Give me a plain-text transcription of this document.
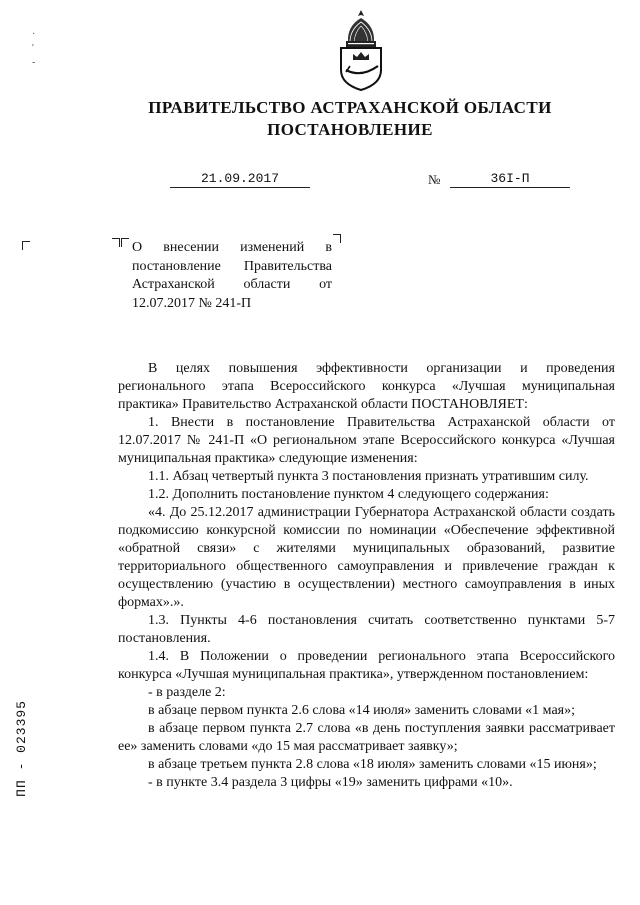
·
'
-
ПРАВИТЕЛЬСТВО АСТРАХАНСКОЙ ОБЛАСТИ
ПОСТАНОВЛЕНИЕ
21.09.2017	№	36I-П
О внесении изменений в постановление Правительства Астраханской области от 12.07.2017 № 241-П

В целях повышения эффективности организации и проведения регионального этапа Всероссийского конкурса «Лучшая муниципальная практика» Правительство Астраханской области ПОСТАНОВЛЯЕТ:

1. Внести в постановление Правительства Астраханской области от 12.07.2017 № 241-П «О региональном этапе Всероссийского конкурса «Лучшая муниципальная практика» следующие изменения:

1.1. Абзац четвертый пункта 3 постановления признать утратившим силу.

1.2. Дополнить постановление пунктом 4 следующего содержания:

«4. До 25.12.2017 администрации Губернатора Астраханской области создать подкомиссию конкурсной комиссии по номинации «Обеспечение эффективной «обратной связи» с жителями муниципальных образований, развитие территориального общественного самоуправления и привлечение граждан к осуществлению (участию в осуществлении) местного самоуправления в иных формах».».

1.3. Пункты 4-6 постановления считать соответственно пунктами 5-7 постановления.

1.4. В Положении о проведении регионального этапа Всероссийского конкурса «Лучшая муниципальная практика», утвержденном постановлением:

- в разделе 2:

в абзаце первом пункта 2.6 слова «14 июля» заменить словами «1 мая»;

в абзаце первом пункта 2.7 слова «в день поступления заявки рассматривает ее» заменить словами «до 15 мая рассматривает заявку»;

в абзаце третьем пункта 2.8 слова «18 июля» заменить словами «15 июня»;

- в пункте 3.4 раздела 3 цифры «19» заменить цифрами «10».

ПП - 023395
